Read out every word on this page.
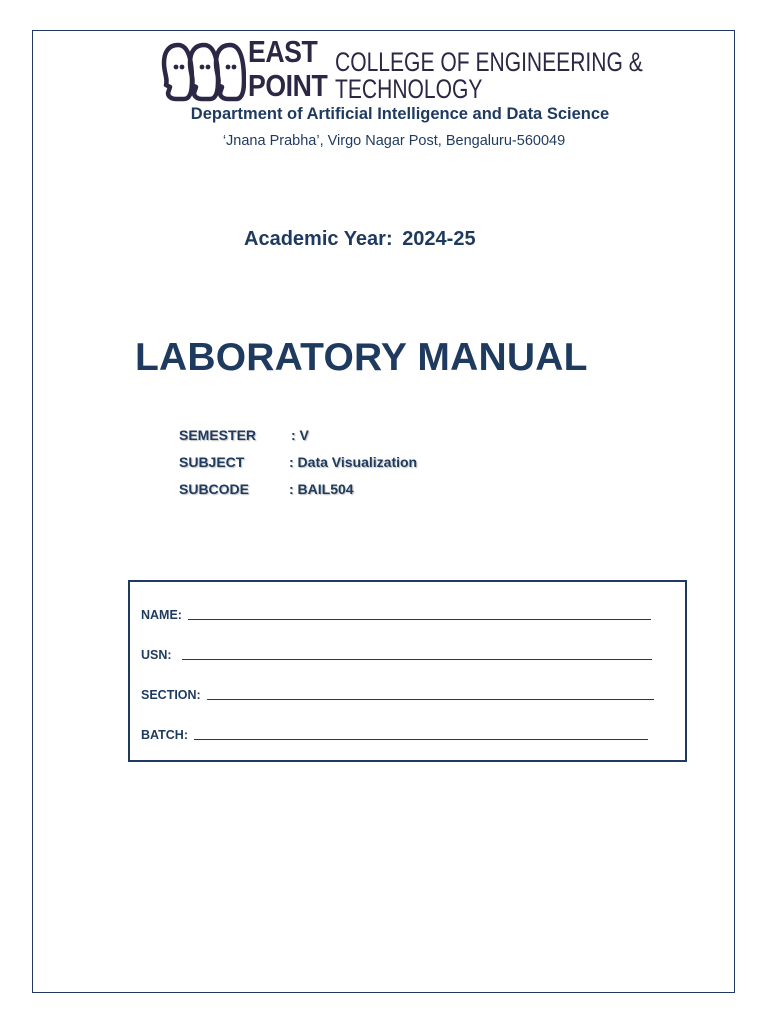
EAST
POINT
COLLEGE OF ENGINEERING &
TECHNOLOGY
Department of Artificial Intelligence and Data Science
‘Jnana Prabha’, Virgo Nagar Post, Bengaluru-560049
Academic Year: 2024-25
LABORATORY MANUAL
SEMESTER : V
SUBJECT	: Data Visualization
SUBCODE	: BAIL504
NAME:
USN:
SECTION:
BATCH:
